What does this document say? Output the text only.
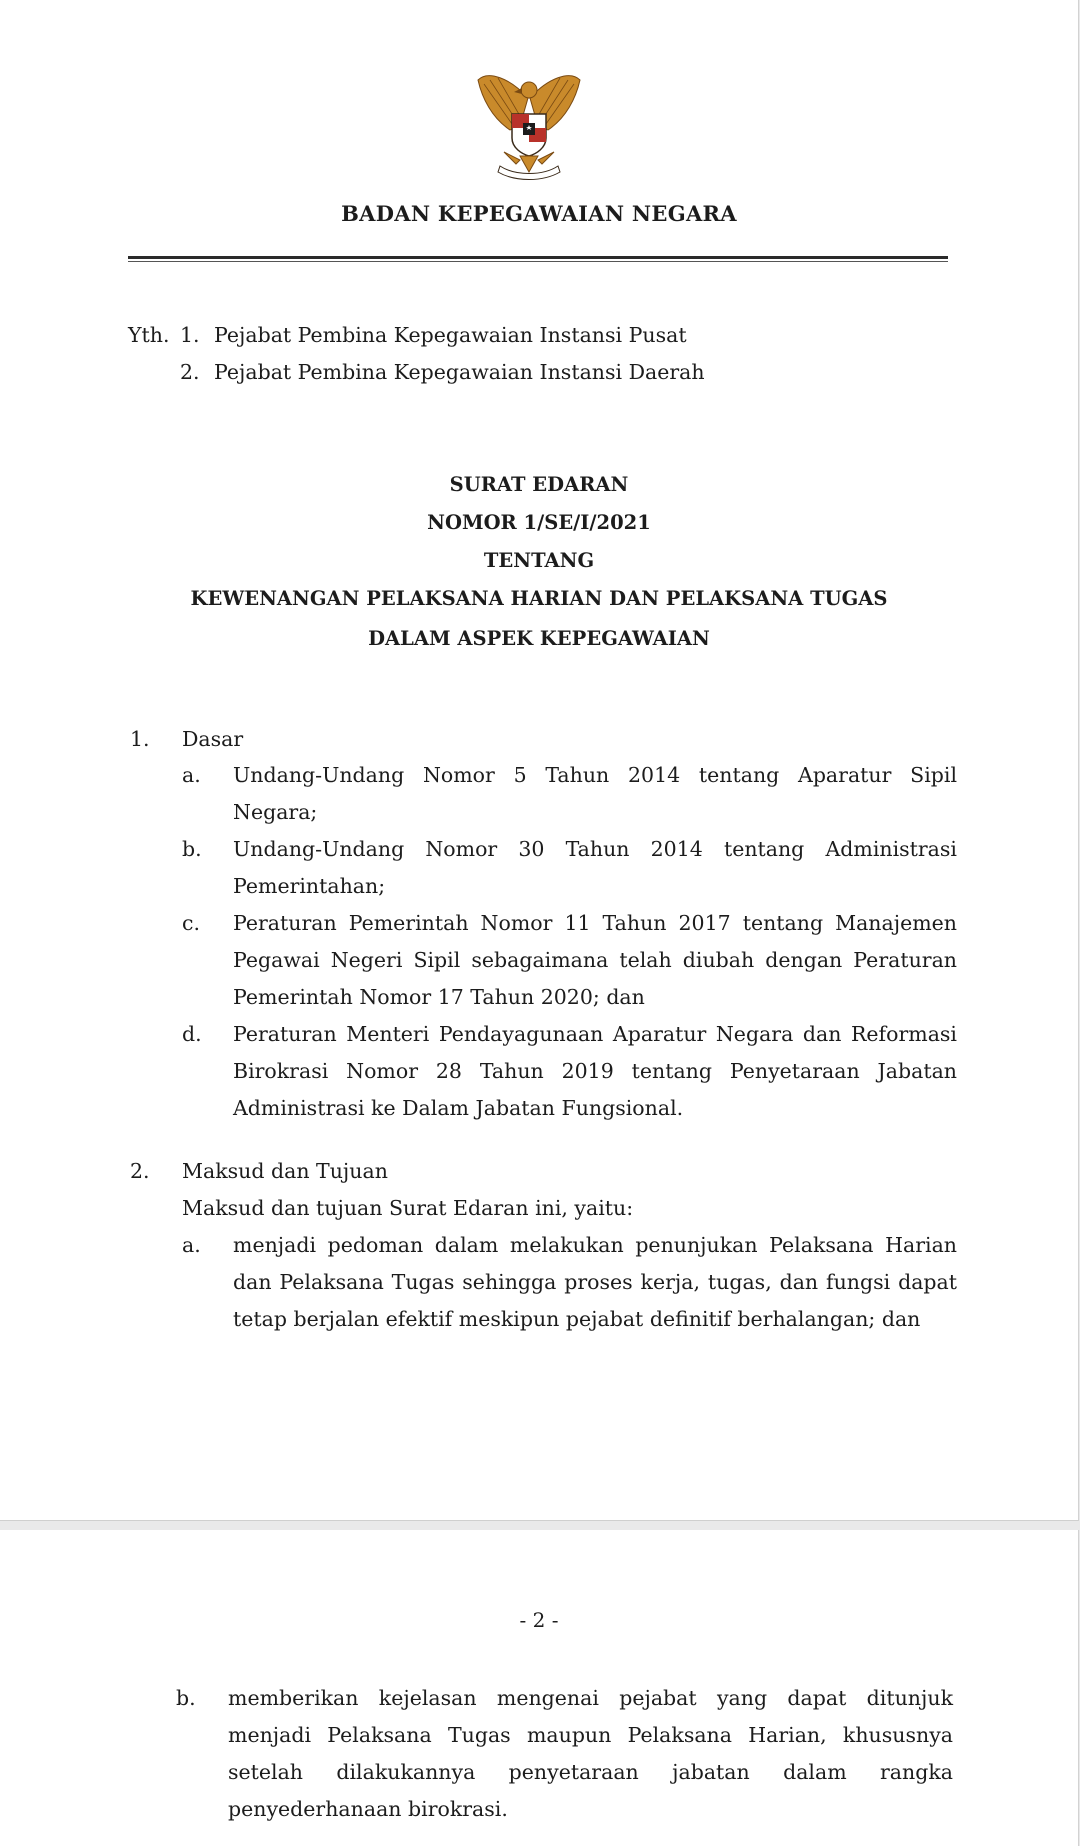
BADAN KEPEGAWAIAN NEGARA
Yth. 1. Pejabat Pembina Kepegawaian Instansi Pusat
2. Pejabat Pembina Kepegawaian Instansi Daerah
SURAT EDARAN
NOMOR 1/SE/I/2021
TENTANG
KEWENANGAN PELAKSANA HARIAN DAN PELAKSANA TUGAS
DALAM ASPEK KEPEGAWAIAN
1. Dasar
a. Undang-Undang Nomor 5 Tahun 2014 tentang Aparatur Sipil
Negara;
b. Undang-Undang Nomor 30 Tahun 2014 tentang Administrasi
Pemerintahan;
c. Peraturan Pemerintah Nomor 11 Tahun 2017 tentang Manajemen
Pegawai Negeri Sipil sebagaimana telah diubah dengan Peraturan
Pemerintah Nomor 17 Tahun 2020; dan
d. Peraturan Menteri Pendayagunaan Aparatur Negara dan Reformasi
Birokrasi Nomor 28 Tahun 2019 tentang Penyetaraan Jabatan
Administrasi ke Dalam Jabatan Fungsional.
2. Maksud dan Tujuan
Maksud dan tujuan Surat Edaran ini, yaitu:
a. menjadi pedoman dalam melakukan penunjukan Pelaksana Harian
dan Pelaksana Tugas sehingga proses kerja, tugas, dan fungsi dapat
tetap berjalan efektif meskipun pejabat definitif berhalangan; dan
- 2 -
b. memberikan kejelasan mengenai pejabat yang dapat ditunjuk
menjadi Pelaksana Tugas maupun Pelaksana Harian, khususnya
setelah dilakukannya penyetaraan jabatan dalam rangka
penyederhanaan birokrasi.
